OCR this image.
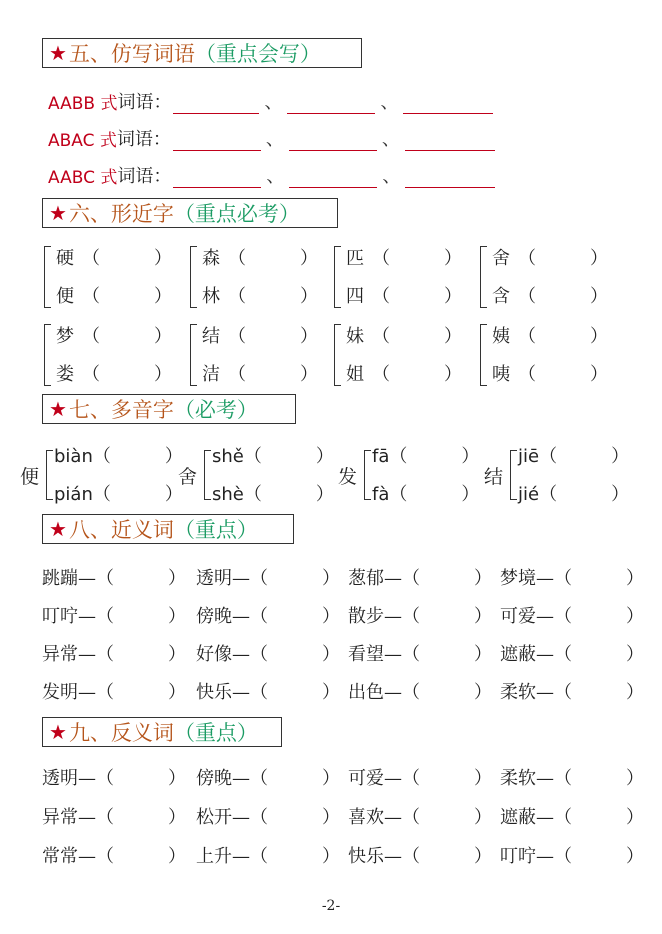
★ 五、仿写词语 （重点会写）
AABB 式 词语：	、	、
ABAC 式 词语：	、	、
AABC 式 词语：	、	、
★ 六、形近字 （重点必考）
硬 （　　　）
便 （　　　）
森 （　　　）
林 （　　　）
匹 （　　　）
四 （　　　）
舍 （　　　）
含 （　　　）
梦 （　　　）
娄 （　　　）
结 （　　　）
洁 （　　　）
妹 （　　　）
姐 （　　　）
姨 （　　　）
咦 （　　　）
★ 七、多音字 （必考）
便
biàn（　　　）
pián（　　　）
舍
shě（　　　）
shè（　　　）
发
fā（　　　）
fà（　　　）
结
jiē（　　　）
jié（　　　）
★ 八、近义词 （重点）
跳蹦—（　　　） 透明—（　　　） 葱郁—（　　　） 梦境—（　　　）
叮咛—（　　　） 傍晚—（　　　） 散步—（　　　） 可爱—（　　　）
异常—（　　　） 好像—（　　　） 看望—（　　　） 遮蔽—（　　　）
发明—（　　　） 快乐—（　　　） 出色—（　　　） 柔软—（　　　）
★ 九、反义词 （重点）
透明—（　　　） 傍晚—（　　　） 可爱—（　　　） 柔软—（　　　）
异常—（　　　） 松开—（　　　） 喜欢—（　　　） 遮蔽—（　　　）
常常—（　　　） 上升—（　　　） 快乐—（　　　） 叮咛—（　　　）
-2-
